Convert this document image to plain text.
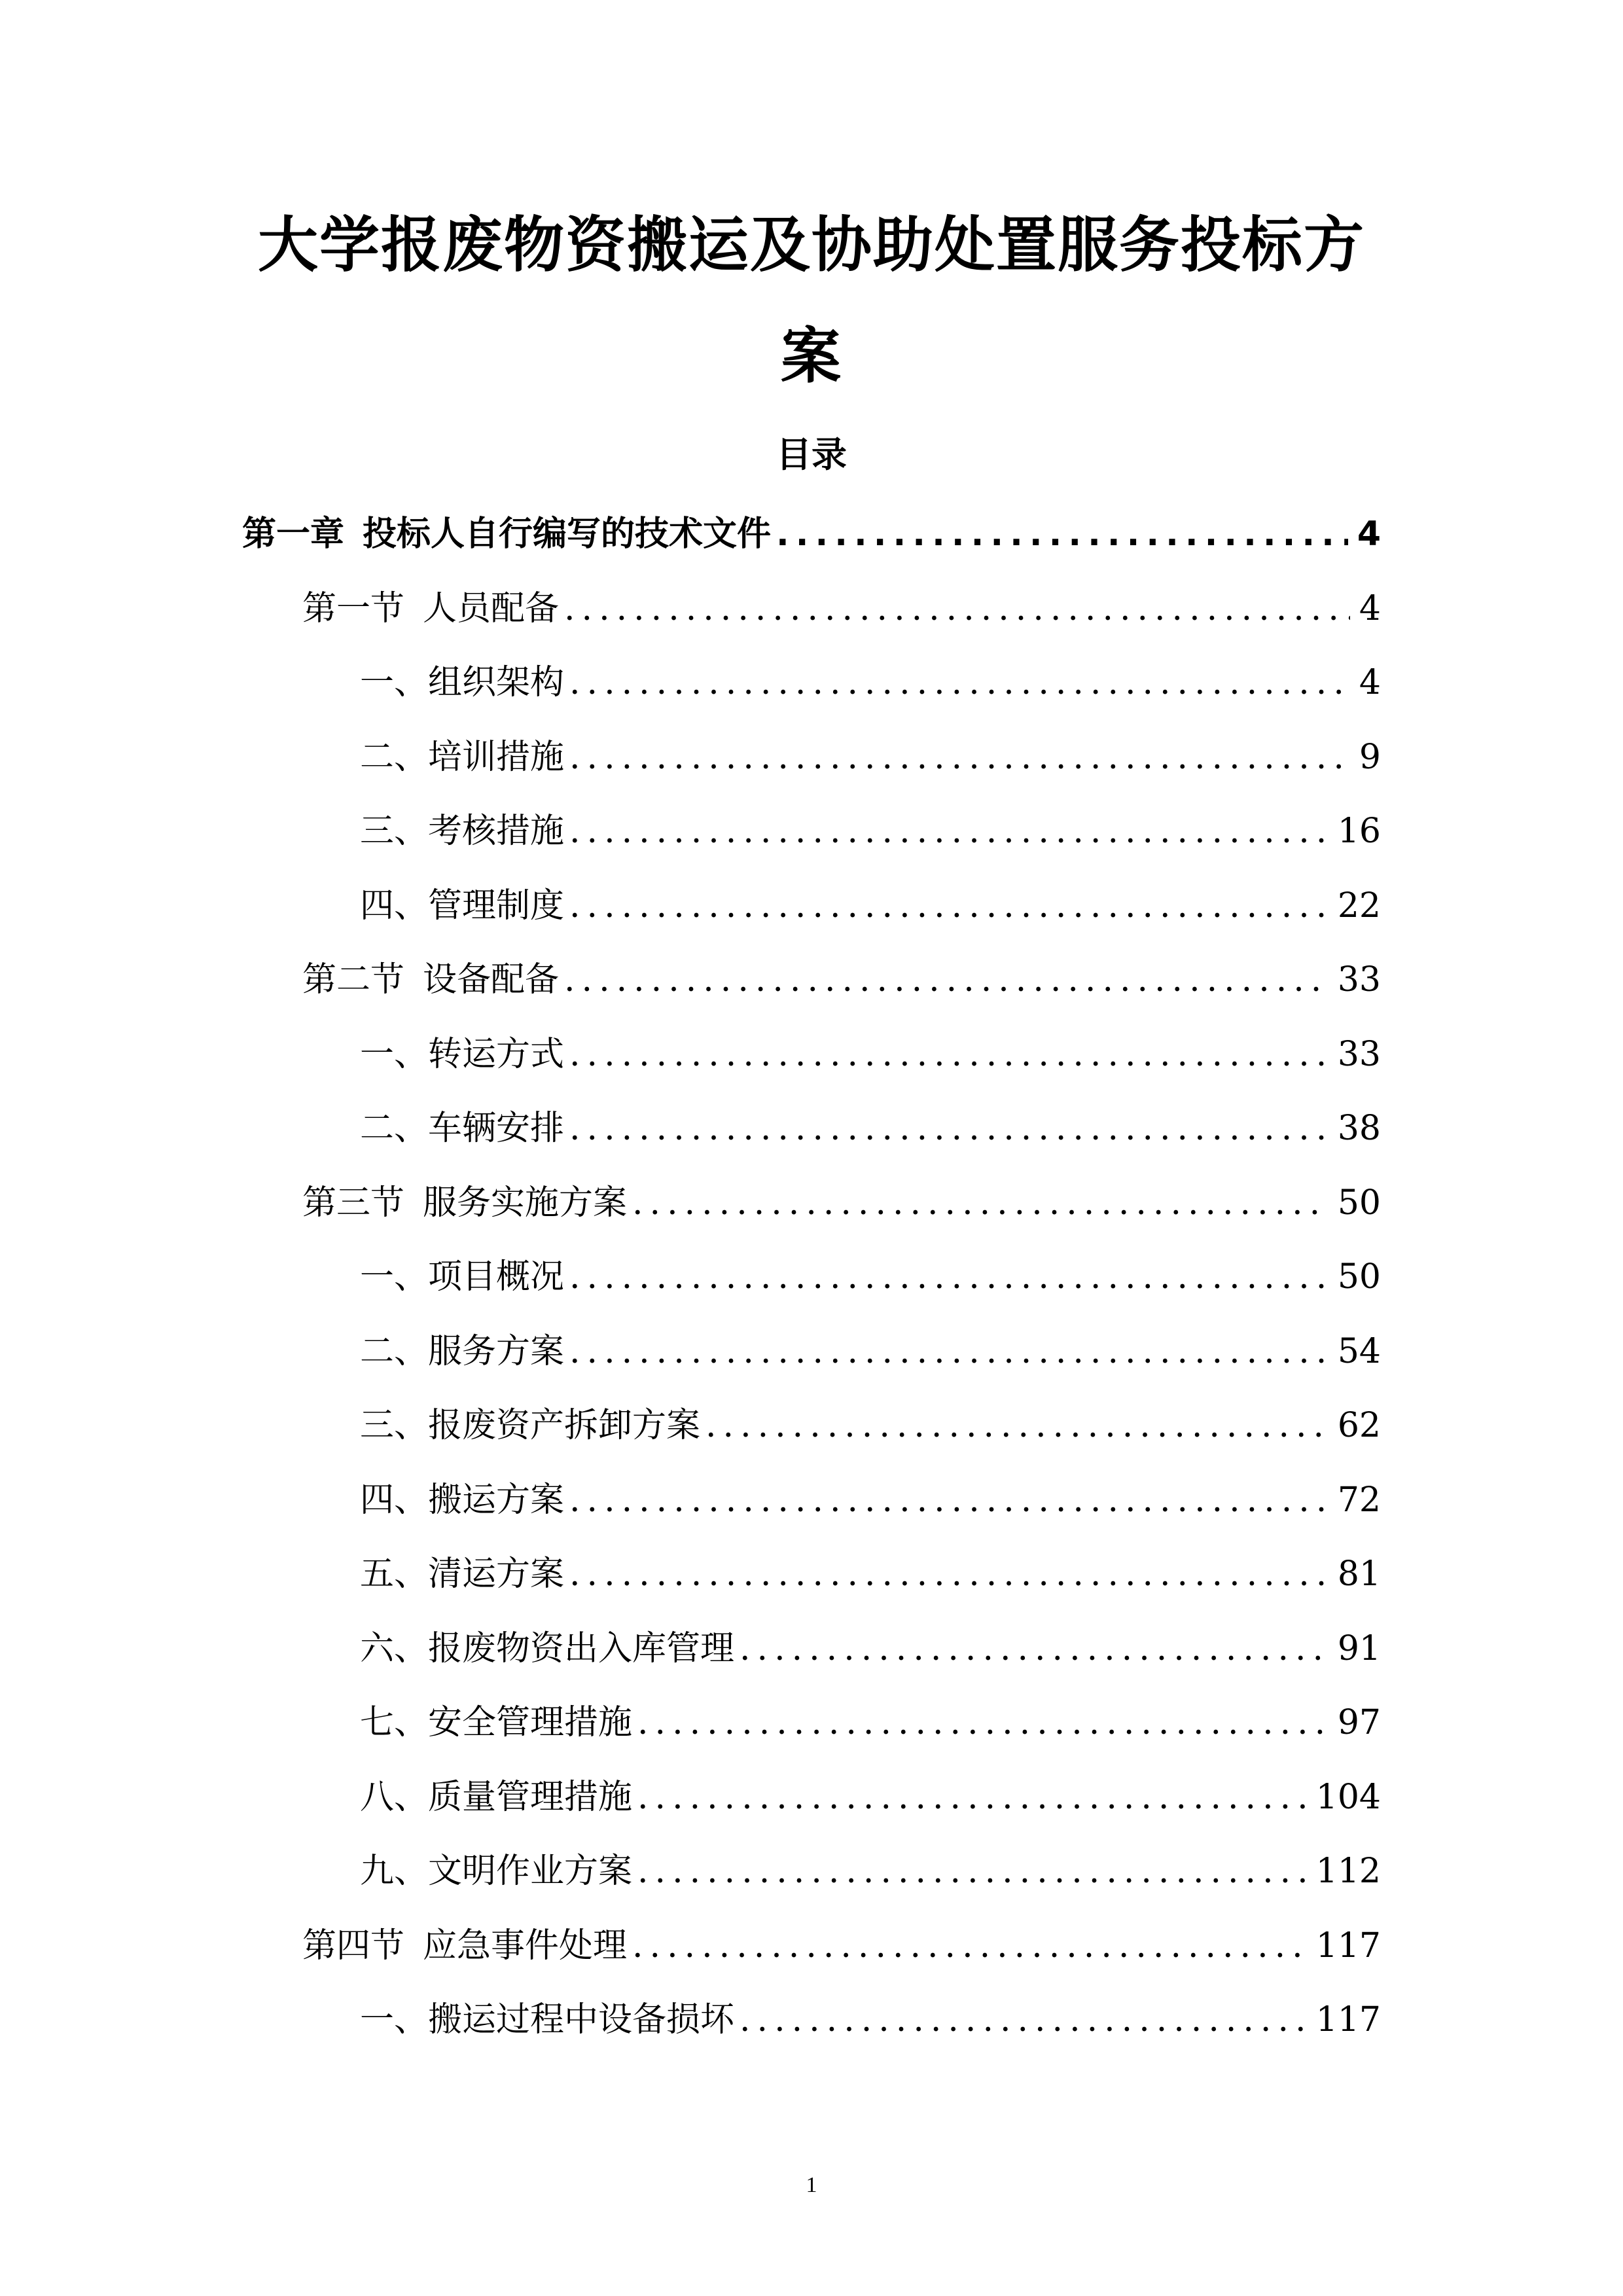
大学报废物资搬运及协助处置服务投标方
案
目录
第一章 投标人自行编写的技术文件 .....	4
第一节 人员配备 .....	4
一、 组织架构 .....	4
二、 培训措施 .....	9
三、 考核措施 .....	16
四、 管理制度 .....	22
第二节 设备配备 .....	33
一、 转运方式 .....	33
二、 车辆安排 .....	38
第三节 服务实施方案 .....	50
一、 项目概况 .....	50
二、 服务方案 .....	54
三、 报废资产拆卸方案 .....	62
四、 搬运方案 .....	72
五、 清运方案 .....	81
六、 报废物资出入库管理 .....	91
七、 安全管理措施 .....	97
八、 质量管理措施 .....	104
九、 文明作业方案 .....	112
第四节 应急事件处理 .....	117
一、 搬运过程中设备损坏 .....	117
1
